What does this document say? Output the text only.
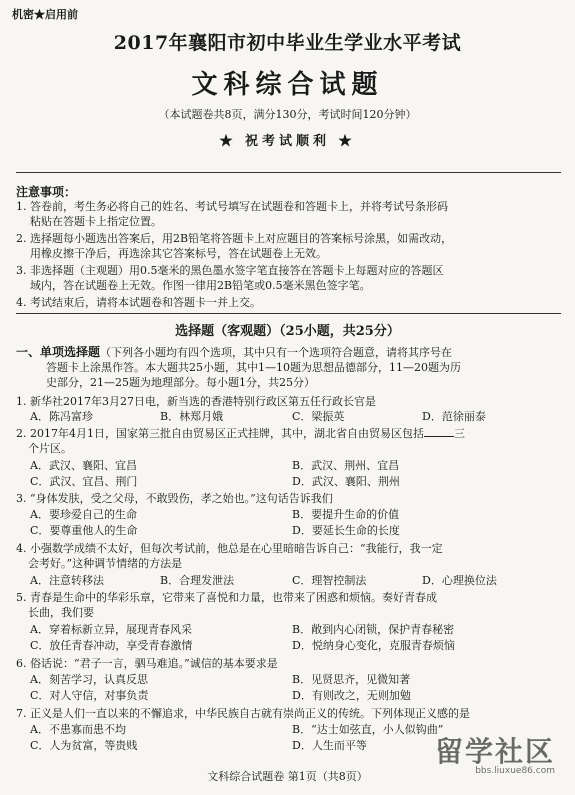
机密★启用前
2017年襄阳市初中毕业生学业水平考试
文科综合试题
（本试题卷共8页，满分130分，考试时间120分钟）
★ 祝考试顺利 ★
注意事项：
1. 答卷前，考生务必将自己的姓名、考试号填写在试题卷和答题卡上，并将考试号条形码
粘贴在答题卡上指定位置。
2. 选择题每小题选出答案后，用2B铅笔将答题卡上对应题目的答案标号涂黑，如需改动，
用橡皮擦干净后，再选涂其它答案标号，答在试题卷上无效。
3. 非选择题（主观题）用0.5毫米的黑色墨水签字笔直接答在答题卡上每题对应的答题区
域内，答在试题卷上无效。作图一律用2B铅笔或0.5毫米黑色签字笔。
4. 考试结束后，请将本试题卷和答题卡一并上交。
选择题（客观题）（25小题，共25分）
一、单项选择题（下列各小题均有四个选项，其中只有一个选项符合题意，请将其序号在
答题卡上涂黑作答。本大题共25小题，其中1—10题为思想品德部分，11—20题为历
史部分，21—25题为地理部分。每小题1分，共25分）
1. 新华社2017年3月27日电，新当选的香港特别行政区第五任行政长官是
A．陈冯富珍	B．林郑月娥	C．梁振英	D．范徐丽泰
2. 2017年4月1日，国家第三批自由贸易区正式挂牌，其中，湖北省自由贸易区包括	三
个片区。
A．武汉、襄阳、宜昌	B．武汉、荆州、宜昌
C．武汉、宜昌、荆门	D．武汉、襄阳、荆州
3. “身体发肤，受之父母，不敢毁伤，孝之始也。”这句话告诉我们
A．要珍爱自己的生命	B．要提升生命的价值
C．要尊重他人的生命	D．要延长生命的长度
4. 小强数学成绩不太好，但每次考试前，他总是在心里暗暗告诉自己：“我能行，我一定
会考好。”这种调节情绪的方法是
A．注意转移法	B．合理发泄法	C．理智控制法	D．心理换位法
5. 青春是生命中的华彩乐章，它带来了喜悦和力量，也带来了困惑和烦恼。奏好青春成
长曲，我们要
A．穿着标新立异，展现青春风采	B．敞到内心闭锁，保护青春秘密
C．放任青春冲动，享受青春激情	D．悦纳身心变化，克服青春烦恼
6. 俗话说：“君子一言，驷马难追。”诚信的基本要求是
A．刻苦学习，认真反思	B．见贤思齐，见微知著
C．对人守信，对事负责	D．有则改之，无则加勉
7. 正义是人们一直以来的不懈追求，中华民族自古就有崇尚正义的传统。下列体现正义感的是
A．不患寡而患不均	B．“达士如弦直，小人似钩曲”
C．人为贫富，等贵贱	D．人生而平等
文科综合试题卷 第1页（共8页）
留学社区
bbs.liuxue86.com
